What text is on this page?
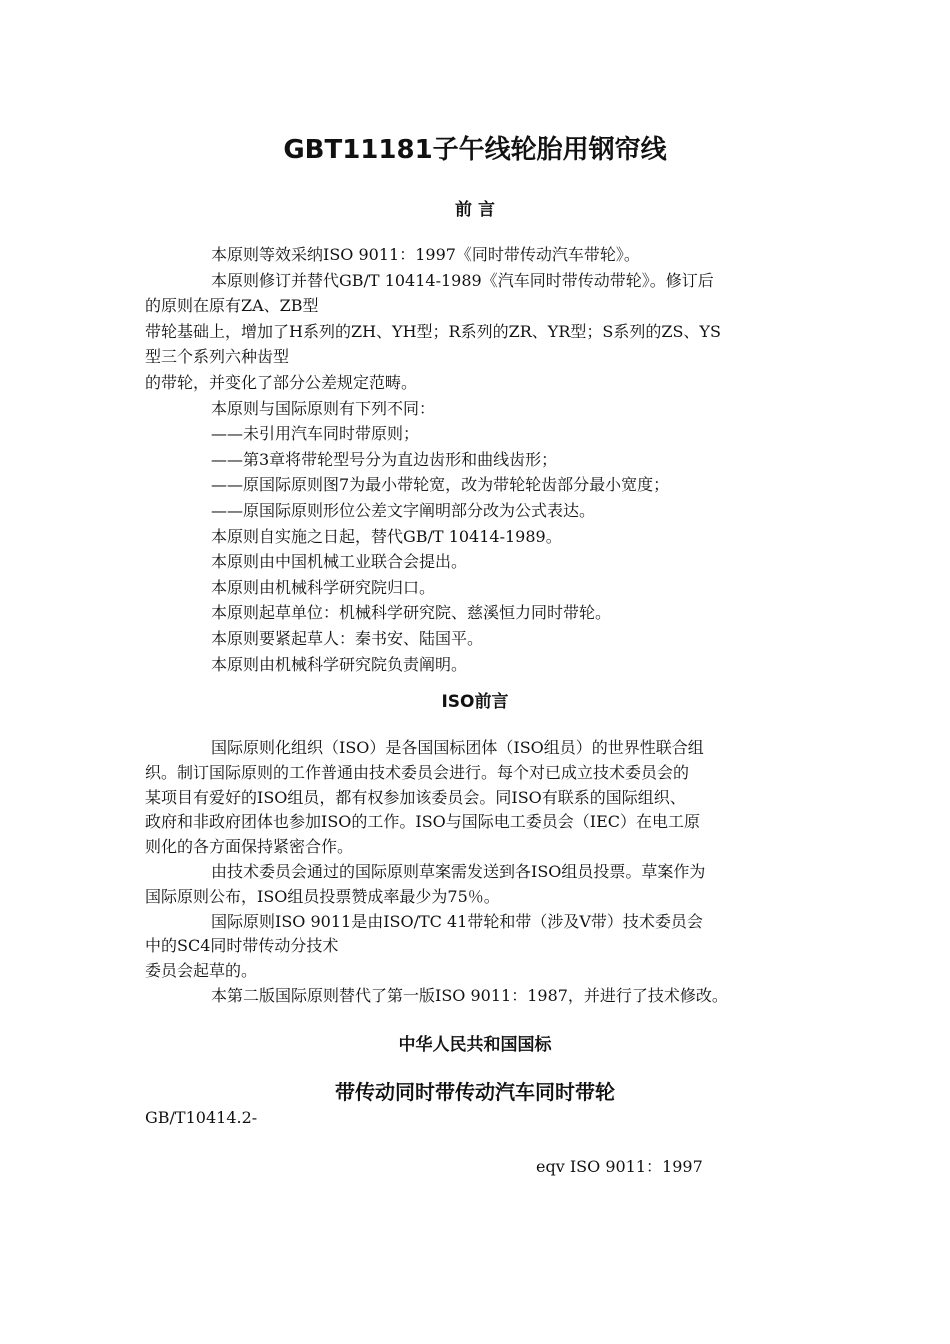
GBT11181子午线轮胎用钢帘线
前 言

本原则等效采纳ISO 9011：1997《同时带传动汽车带轮》。

本原则修订并替代GB/T 10414-1989《汽车同时带传动带轮》。修订后

的原则在原有ZA、ZB型

带轮基础上，增加了H系列的ZH、YH型；R系列的ZR、YR型；S系列的ZS、YS

型三个系列六种齿型

的带轮，并变化了部分公差规定范畴。

本原则与国际原则有下列不同：

——未引用汽车同时带原则；

——第3章将带轮型号分为直边齿形和曲线齿形；

——原国际原则图7为最小带轮宽，改为带轮轮齿部分最小宽度；

——原国际原则形位公差文字阐明部分改为公式表达。

本原则自实施之日起，替代GB/T 10414-1989。

本原则由中国机械工业联合会提出。

本原则由机械科学研究院归口。

本原则起草单位：机械科学研究院、慈溪恒力同时带轮。

本原则要紧起草人：秦书安、陆国平。

本原则由机械科学研究院负责阐明。

ISO前言

国际原则化组织（ISO）是各国国标团体（ISO组员）的世界性联合组

织。制订国际原则的工作普通由技术委员会进行。每个对已成立技术委员会的

某项目有爱好的ISO组员，都有权参加该委员会。同ISO有联系的国际组织、

政府和非政府团体也参加ISO的工作。ISO与国际电工委员会（IEC）在电工原

则化的各方面保持紧密合作。

由技术委员会通过的国际原则草案需发送到各ISO组员投票。草案作为

国际原则公布，ISO组员投票赞成率最少为75％。

国际原则ISO 9011是由ISO/TC 41带轮和带（涉及V带）技术委员会

中的SC4同时带传动分技术

委员会起草的。

本第二版国际原则替代了第一版ISO 9011：1987，并进行了技术修改。

中华人民共和国国标
带传动同时带传动汽车同时带轮
GB/T10414.2-
eqv ISO 9011：1997
